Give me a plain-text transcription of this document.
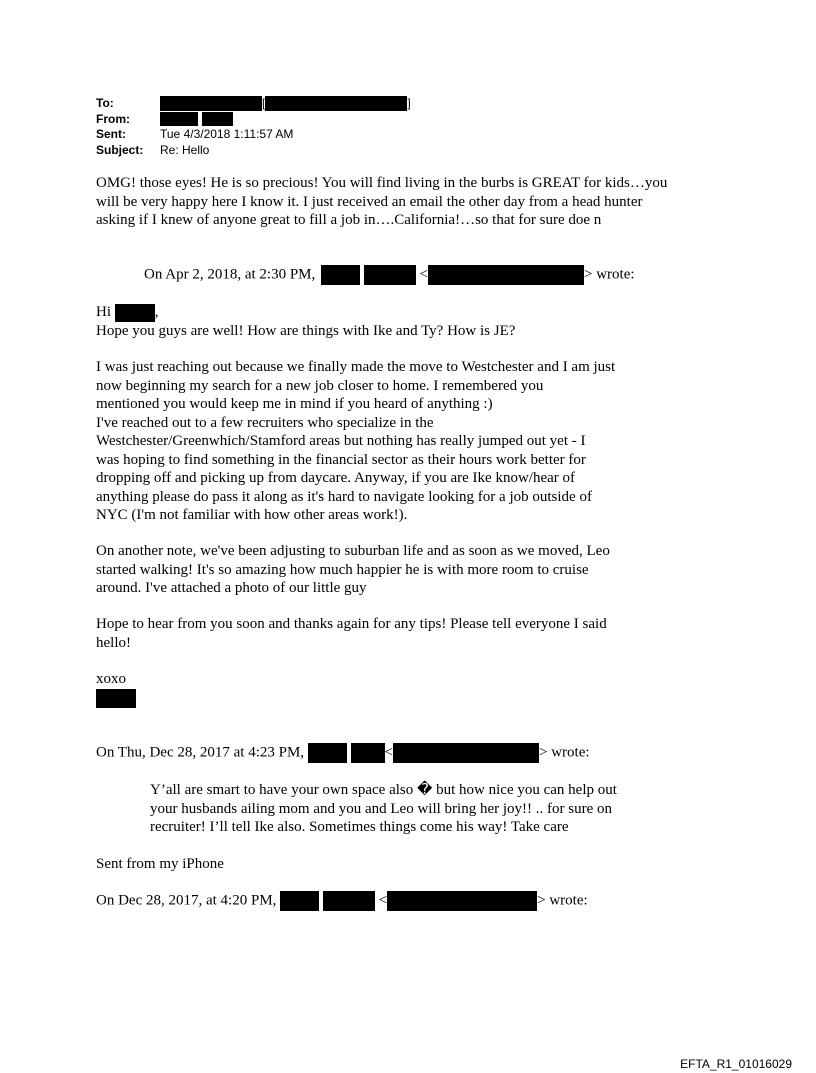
To:	[	]
From:
Sent:	Tue 4/3/2018 1:11:57 AM
Subject:	Re: Hello
OMG! those eyes! He is so precious! You will find living in the burbs is GREAT for kids…you
will be very happy here I know it. I just received an email the other day from a head hunter
asking if I knew of anyone great to fill a job in….California!…so that for sure doe n
On Apr 2, 2018, at 2:30 PM,	<	> wrote:
Hi	,
Hope you guys are well! How are things with Ike and Ty? How is JE?
I was just reaching out because we finally made the move to Westchester and I am just
now beginning my search for a new job closer to home. I remembered you
mentioned you would keep me in mind if you heard of anything :)
I've reached out to a few recruiters who specialize in the
Westchester/Greenwhich/Stamford areas but nothing has really jumped out yet - I
was hoping to find something in the financial sector as their hours work better for
dropping off and picking up from daycare. Anyway, if you are Ike know/hear of
anything please do pass it along as it's hard to navigate looking for a job outside of
NYC (I'm not familiar with how other areas work!).
On another note, we've been adjusting to suburban life and as soon as we moved, Leo
started walking! It's so amazing how much happier he is with more room to cruise
around. I've attached a photo of our little guy
Hope to hear from you soon and thanks again for any tips! Please tell everyone I said
hello!
xoxo
On Thu, Dec 28, 2017 at 4:23 PM,	<	> wrote:
Y’all are smart to have your own space also � but how nice you can help out
your husbands ailing mom and you and Leo will bring her joy!! .. for sure on
recruiter! I’ll tell Ike also. Sometimes things come his way! Take care
Sent from my iPhone
On Dec 28, 2017, at 4:20 PM,	<	> wrote:
EFTA_R1_01016029
